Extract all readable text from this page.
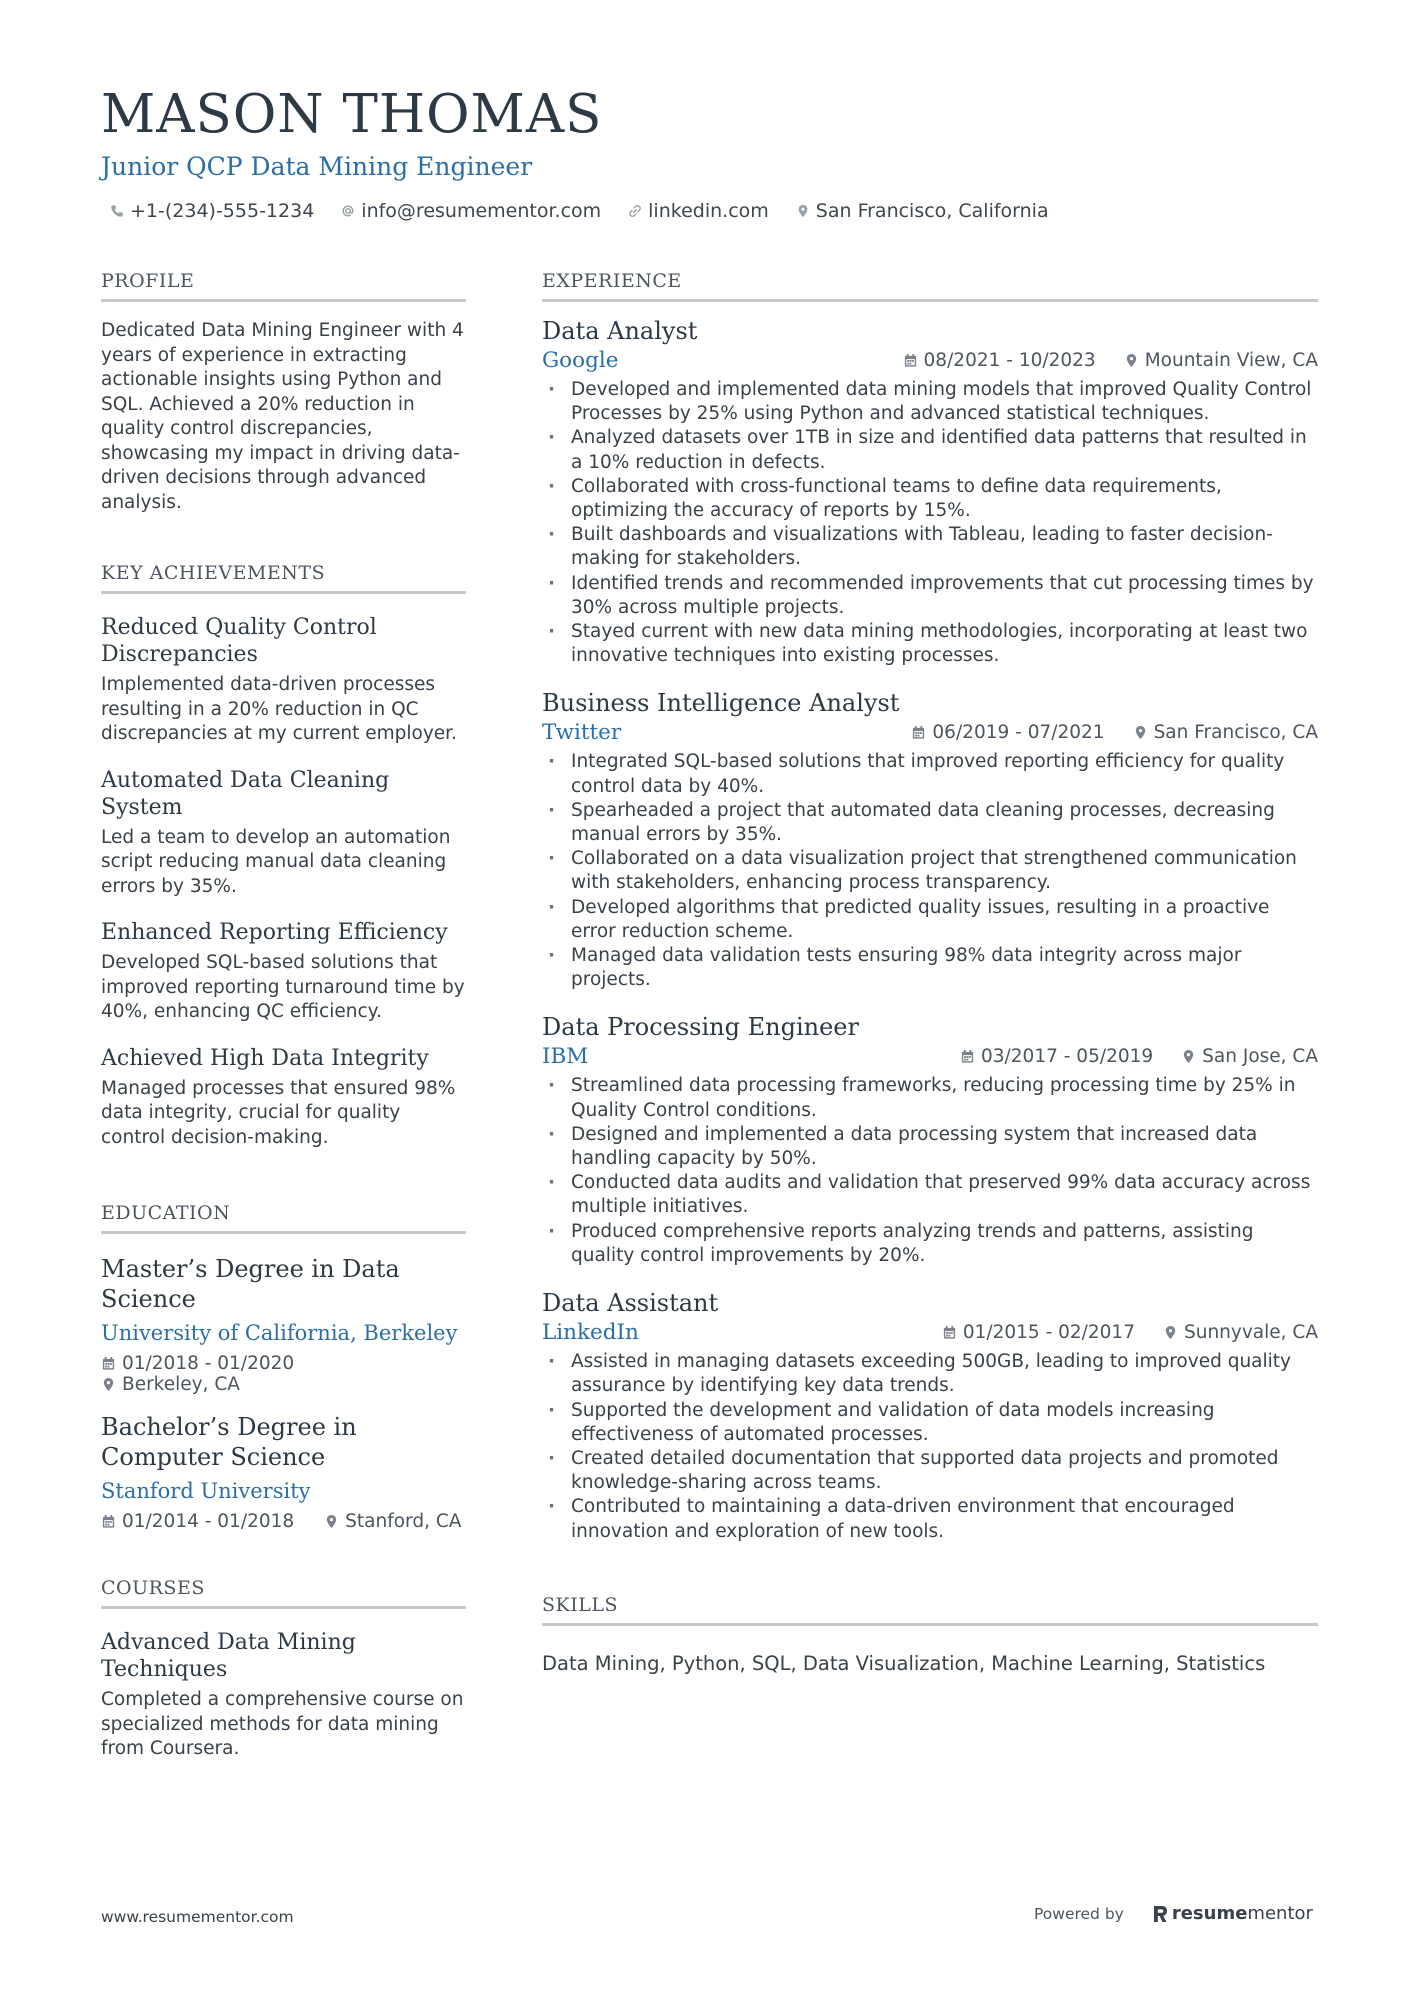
MASON THOMAS
Junior QCP Data Mining Engineer
+1-(234)-555-1234 info@resumementor.com linkedin.com San Francisco, California
PROFILE
Dedicated Data Mining Engineer with 4 years of experience in extracting actionable insights using Python and SQL. Achieved a 20% reduction in quality control discrepancies, showcasing my impact in driving data-driven decisions through advanced analysis.
KEY ACHIEVEMENTS
Reduced Quality Control Discrepancies
Implemented data-driven processes resulting in a 20% reduction in QC discrepancies at my current employer.
Automated Data Cleaning System
Led a team to develop an automation script reducing manual data cleaning errors by 35%.
Enhanced Reporting Efficiency
Developed SQL-based solutions that improved reporting turnaround time by 40%, enhancing QC efficiency.
Achieved High Data Integrity
Managed processes that ensured 98% data integrity, crucial for quality control decision-making.
EDUCATION
Master’s Degree in Data Science
University of California, Berkeley
01/2018 - 01/2020
Berkeley, CA
Bachelor’s Degree in Computer Science
Stanford University
01/2014 - 01/2018	Stanford, CA
COURSES
Advanced Data Mining Techniques
Completed a comprehensive course on specialized methods for data mining from Coursera.
EXPERIENCE
Data Analyst
Google	08/2021 - 10/2023	Mountain View, CA
· Developed and implemented data mining models that improved Quality Control Processes by 25% using Python and advanced statistical techniques.
· Analyzed datasets over 1TB in size and identified data patterns that resulted in a 10% reduction in defects.
· Collaborated with cross-functional teams to define data requirements, optimizing the accuracy of reports by 15%.
· Built dashboards and visualizations with Tableau, leading to faster decision-making for stakeholders.
· Identified trends and recommended improvements that cut processing times by 30% across multiple projects.
· Stayed current with new data mining methodologies, incorporating at least two innovative techniques into existing processes.
Business Intelligence Analyst
Twitter	06/2019 - 07/2021	San Francisco, CA
· Integrated SQL-based solutions that improved reporting efficiency for quality control data by 40%.
· Spearheaded a project that automated data cleaning processes, decreasing manual errors by 35%.
· Collaborated on a data visualization project that strengthened communication with stakeholders, enhancing process transparency.
· Developed algorithms that predicted quality issues, resulting in a proactive error reduction scheme.
· Managed data validation tests ensuring 98% data integrity across major projects.
Data Processing Engineer
IBM	03/2017 - 05/2019	San Jose, CA
· Streamlined data processing frameworks, reducing processing time by 25% in Quality Control conditions.
· Designed and implemented a data processing system that increased data handling capacity by 50%.
· Conducted data audits and validation that preserved 99% data accuracy across multiple initiatives.
· Produced comprehensive reports analyzing trends and patterns, assisting quality control improvements by 20%.
Data Assistant
LinkedIn	01/2015 - 02/2017	Sunnyvale, CA
· Assisted in managing datasets exceeding 500GB, leading to improved quality assurance by identifying key data trends.
· Supported the development and validation of data models increasing effectiveness of automated processes.
· Created detailed documentation that supported data projects and promoted knowledge-sharing across teams.
· Contributed to maintaining a data-driven environment that encouraged innovation and exploration of new tools.
SKILLS
Data Mining, Python, SQL, Data Visualization, Machine Learning, Statistics
www.resumementor.com	Powered by	resume mentor
